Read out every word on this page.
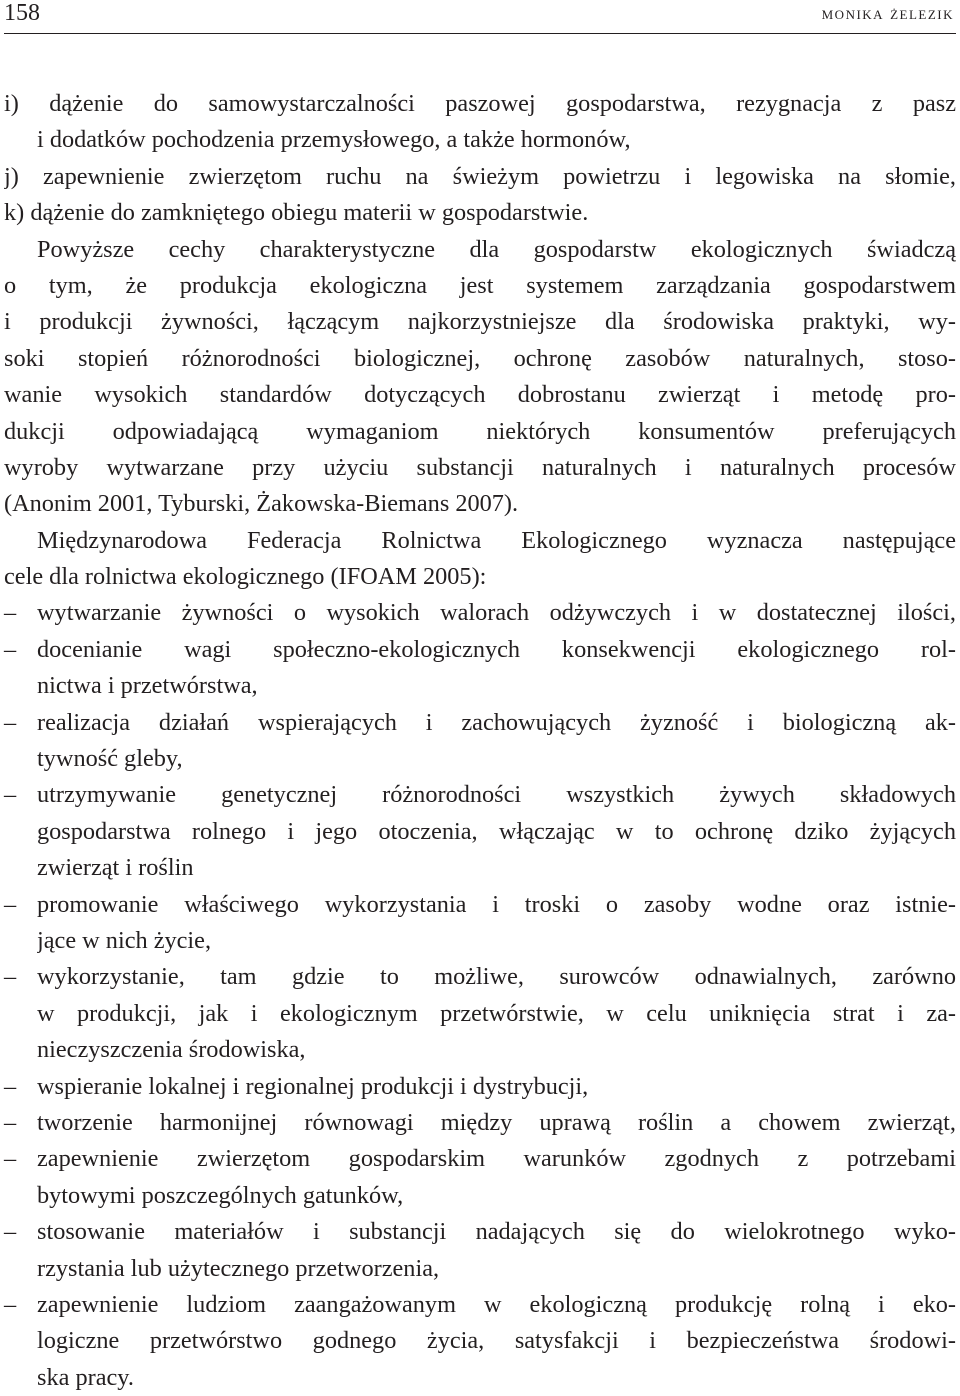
158	monika żelezik
i) dążenie do samowystarczalności paszowej gospodarstwa, rezygnacja z pasz
i dodatków pochodzenia przemysłowego, a także hormonów,
j) zapewnienie zwierzętom ruchu na świeżym powietrzu i legowiska na słomie,
k) dążenie do zamkniętego obiegu materii w gospodarstwie.
Powyższe cechy charakterystyczne dla gospodarstw ekologicznych świadczą
o tym, że produkcja ekologiczna jest systemem zarządzania gospodarstwem
i produkcji żywności, łączącym najkorzystniejsze dla środowiska praktyki, wy-
soki stopień różnorodności biologicznej, ochronę zasobów naturalnych, stoso-
wanie wysokich standardów dotyczących dobrostanu zwierząt i metodę pro-
dukcji odpowiadającą wymaganiom niektórych konsumentów preferujących
wyroby wytwarzane przy użyciu substancji naturalnych i naturalnych procesów
(Anonim 2001, Tyburski, Żakowska-Biemans 2007).
Międzynarodowa Federacja Rolnictwa Ekologicznego wyznacza następujące
cele dla rolnictwa ekologicznego (IFOAM 2005):
– wytwarzanie żywności o wysokich walorach odżywczych i w dostatecznej ilości,
– docenianie wagi społeczno-ekologicznych konsekwencji ekologicznego rol-
nictwa i przetwórstwa,
– realizacja działań wspierających i zachowujących żyzność i biologiczną ak-
tywność gleby,
– utrzymywanie genetycznej różnorodności wszystkich żywych składowych
gospodarstwa rolnego i jego otoczenia, włączając w to ochronę dziko żyjących
zwierząt i roślin
– promowanie właściwego wykorzystania i troski o zasoby wodne oraz istnie-
jące w nich życie,
– wykorzystanie, tam gdzie to możliwe, surowców odnawialnych, zarówno
w produkcji, jak i ekologicznym przetwórstwie, w celu uniknięcia strat i za-
nieczyszczenia środowiska,
– wspieranie lokalnej i regionalnej produkcji i dystrybucji,
– tworzenie harmonijnej równowagi między uprawą roślin a chowem zwierząt,
– zapewnienie zwierzętom gospodarskim warunków zgodnych z potrzebami
bytowymi poszczególnych gatunków,
– stosowanie materiałów i substancji nadających się do wielokrotnego wyko-
rzystania lub użytecznego przetworzenia,
– zapewnienie ludziom zaangażowanym w ekologiczną produkcję rolną i eko-
logiczne przetwórstwo godnego życia, satysfakcji i bezpieczeństwa środowi-
ska pracy.
